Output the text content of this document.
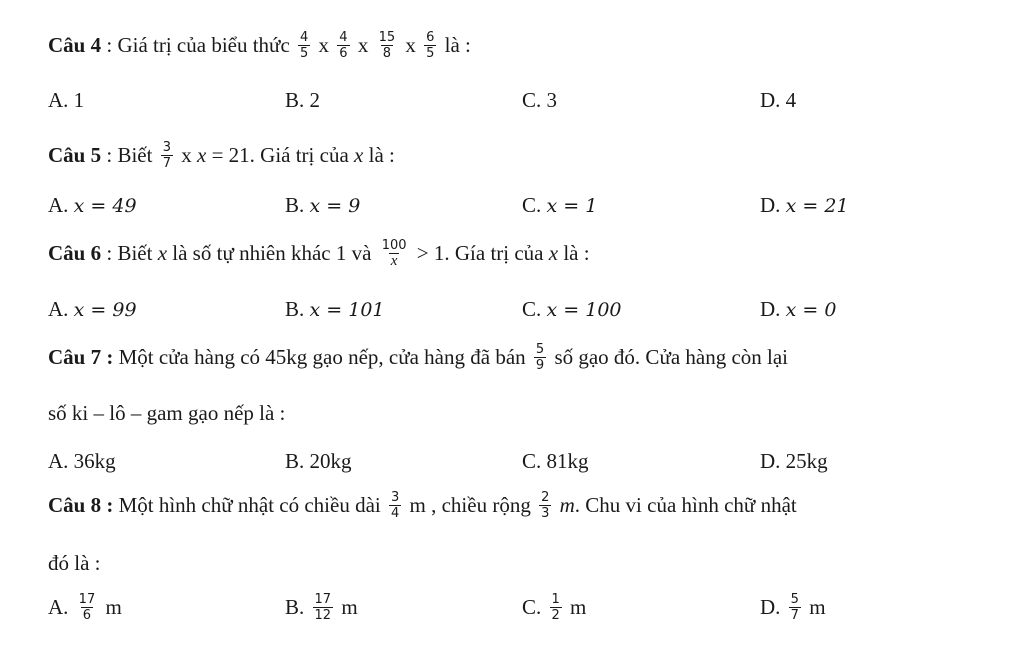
Câu 4 : Giá trị của biểu thức $\frac{4}{5}$ x $\frac{4}{6}$ x $\frac{15}{8}$ x $\frac{6}{5}$ là :
A. 1	B. 2	C. 3	D. 4
Câu 5 : Biết $\frac{3}{7}$ x x = 21. Giá trị của x là :
A. x = 49	B. x = 9	C. x = 1	D. x = 21
Câu 6 : Biết x là số tự nhiên khác 1 và $\frac{100}{x} > 1$. Gía trị của x là :
A. x = 99	B. x = 101	C. x = 100	D. x = 0
Câu 7 : Một cửa hàng có 45kg gạo nếp, cửa hàng đã bán $\frac{5}{9}$ số gạo đó. Cửa hàng còn lại
số ki – lô – gam gạo nếp là :
A. 36kg	B. 20kg	C. 81kg	D. 25kg
Câu 8 : Một hình chữ nhật có chiều dài $\frac{3}{4}$ m , chiều rộng $\frac{2}{3}$ m . Chu vi của hình chữ nhật
đó là :
A. $\frac{17}{6}$ m	B. $\frac{17}{12}$ m	C. $\frac{1}{2}$ m	D. $\frac{5}{7}$ m
